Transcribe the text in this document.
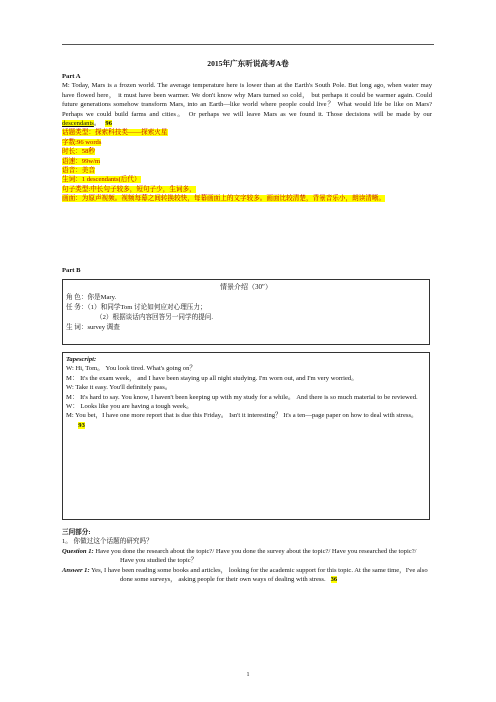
2015年广东听说高考A卷
Part A
M: Today, Mars is a frozen world. The average temperature here is lower than at the Earth's South Pole. But long ago, when water may have flowed here， it must have been warmer. We don't know why Mars turned so cold， but perhaps it could be warmer again. Could future generations somehow transform Mars, into an Earth—like world where people could live？ What would life be like on Mars? Perhaps we could build farms and cities。 Or perhaps we will leave Mars as we found it. Those decisions will be made by our descendants。 96
话题类型：探索科技类——探索火星
字数:96 words
时长：58秒
语速：99w/m
语音：美音
生词：1 descendants(后代）
句子类型:中长句子较多，短句子少，生词多，
画面：为原声视频。视频每幕之间转换较快，每幕画面上的文字较多。画面比较清楚，背景音乐小，朗读清晰。
Part B
情景介绍（30″）
角 色：你是Mary.
任 务：（1）和同学Tom 讨论如何应对心理压力；
（2）根据谈话内容回答另一同学的提问.
生 词：survey 调查
Tapescript:
W: Hi, Tom。 You look tired. What's going on？
M： It's the exam week， and I have been staying up all night studying. I'm worn out, and I'm very worried。
W: Take it easy. You'll definitely pass。
M： It's hard to say. You know, I haven't been keeping up with my study for a while。 And there is so much material to be reviewed.
W： Looks like you are having a tough week。
M: You bet，I have one more report that is due this Friday。 Isn't it interesting？ It's a ten—page paper on how to deal with stress。   93
三问部分:
1。 你做过这个话题的研究吗？
Question 1: Have you done the research about the topic?/ Have you done the survey about the topic?/ Have you researched the topic?/ Have you studied the topic？
Answer 1: Yes, I have been reading some books and articles， looking for the academic support for this topic. At the same time，I've also done some surveys， asking people for their own ways of dealing with stress. 36
1
